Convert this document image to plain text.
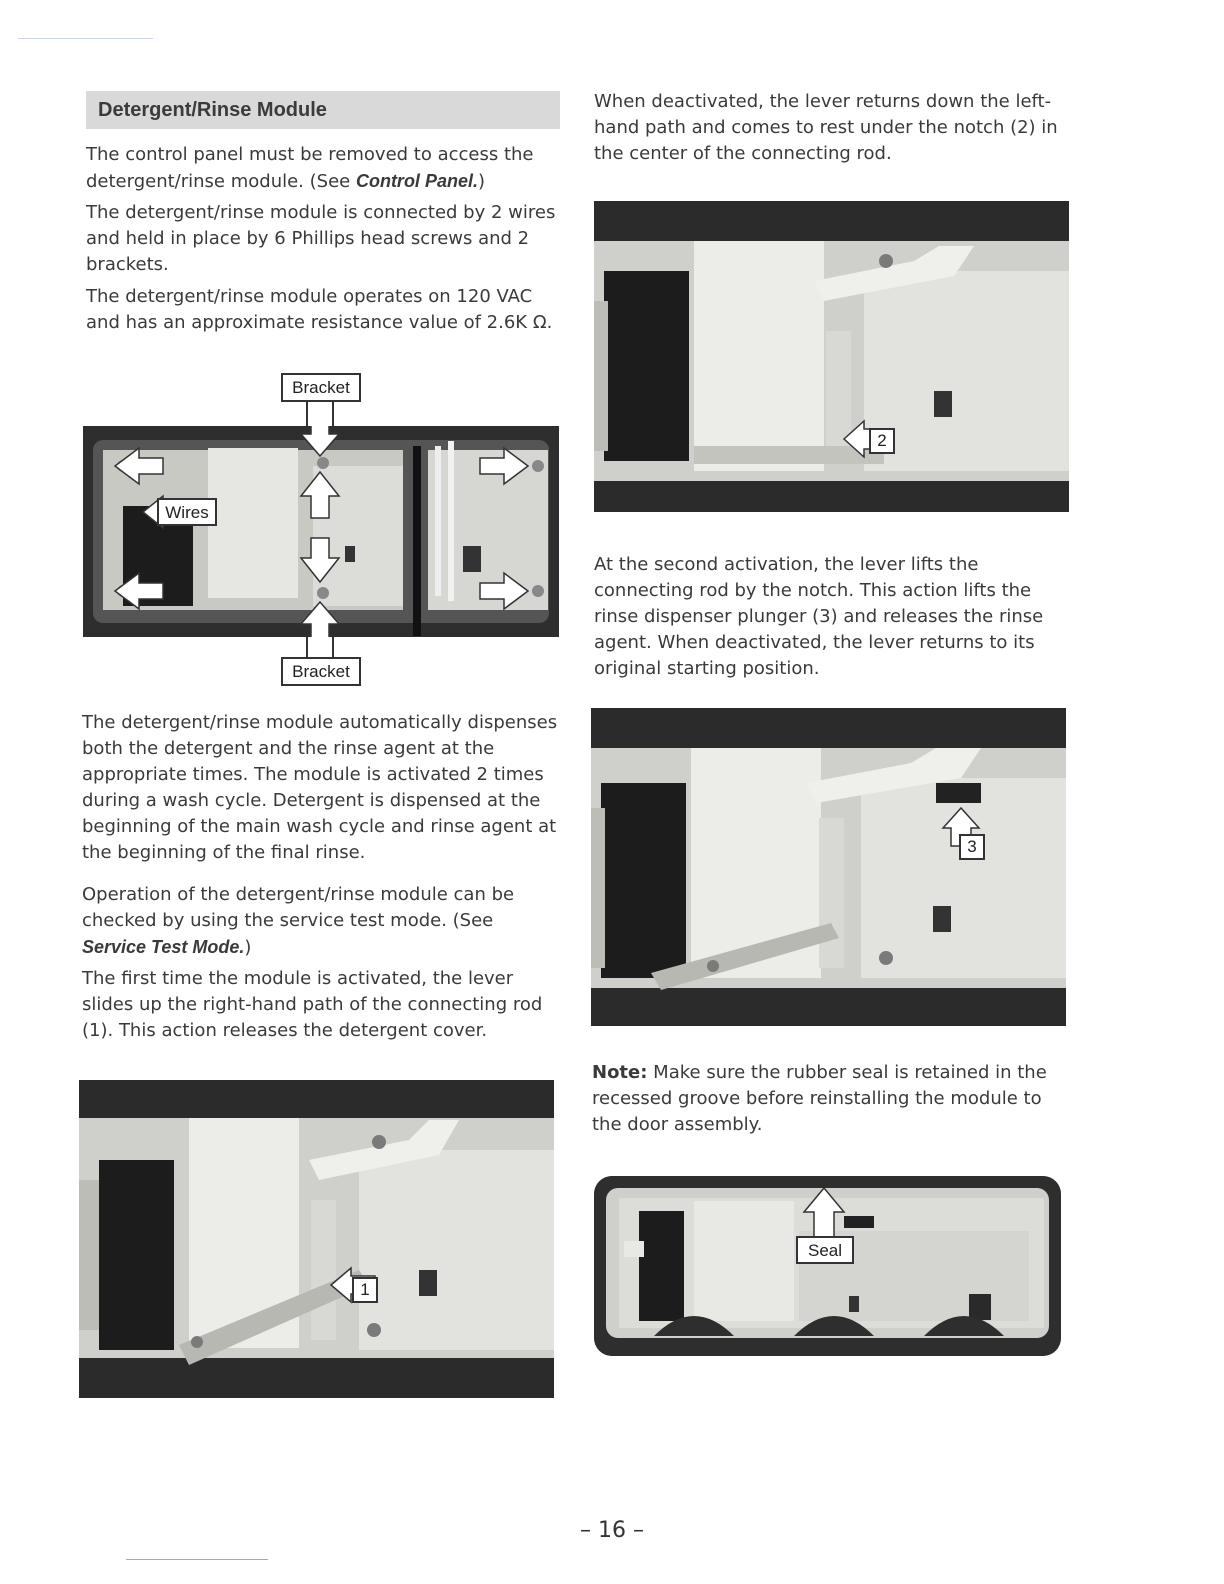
Detergent/Rinse Module

The control panel must be removed to access the detergent/rinse module. (See Control Panel.)

The detergent/rinse module is connected by 2 wires and held in place by 6 Phillips head screws and 2 brackets.

The detergent/rinse module operates on 120 VAC and has an approximate resistance value of 2.6K Ω.

Bracket
Bracket
Wires

The detergent/rinse module automatically dispenses both the detergent and the rinse agent at the appropriate times. The module is activated 2 times during a wash cycle. Detergent is dispensed at the beginning of the main wash cycle and rinse agent at the beginning of the final rinse.

Operation of the detergent/rinse module can be checked by using the service test mode. (See Service Test Mode.)

The first time the module is activated, the lever slides up the right-hand path of the connecting rod (1). This action releases the detergent cover.

1

When deactivated, the lever returns down the left-hand path and comes to rest under the notch (2) in the center of the connecting rod.

2

At the second activation, the lever lifts the connecting rod by the notch. This action lifts the rinse dispenser plunger (3) and releases the rinse agent. When deactivated, the lever returns to its original starting position.

3

Note: Make sure the rubber seal is retained in the recessed groove before reinstalling the module to the door assembly.

Seal
– 16 –
